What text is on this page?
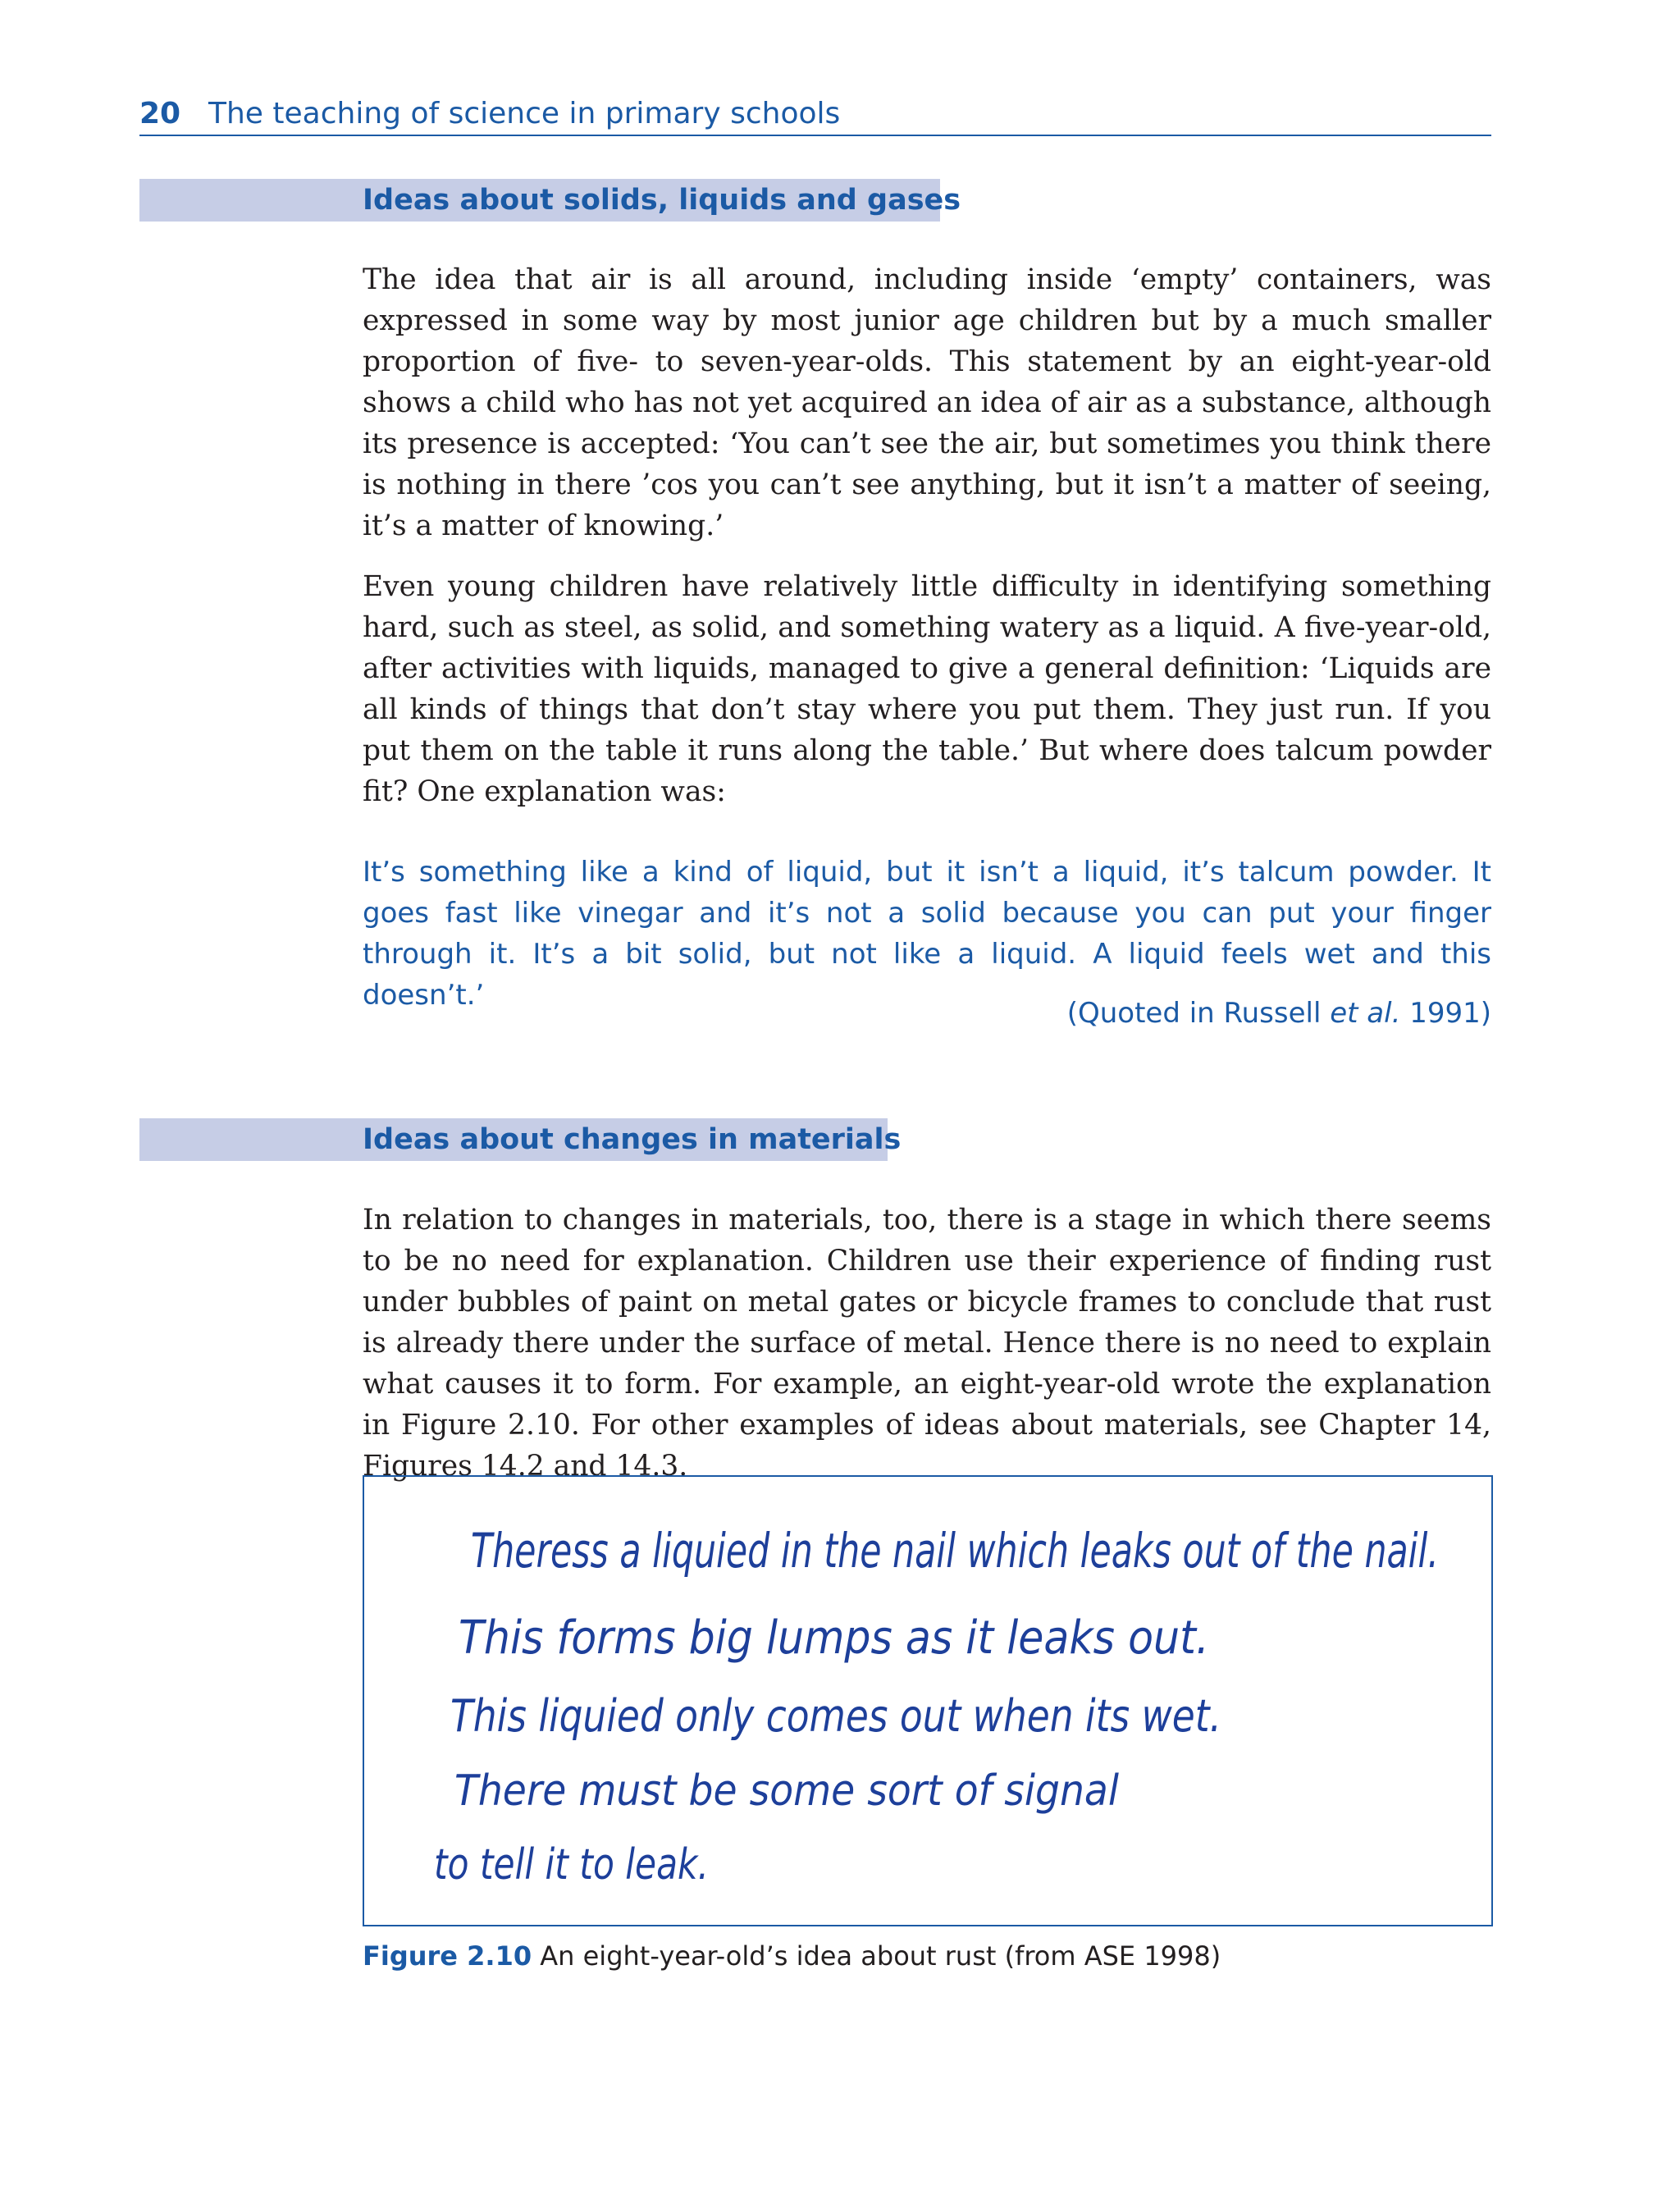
20 The teaching of science in primary schools
Ideas about solids, liquids and gases

The idea that air is all around, including inside ‘empty’ containers, was expressed in some way by most junior age children but by a much smaller proportion of five- to seven-year-olds. This statement by an eight-year-old shows a child who has not yet acquired an idea of air as a substance, although its presence is accepted: ‘You can’t see the air, but sometimes you think there is nothing in there ’cos you can’t see anything, but it isn’t a matter of seeing, it’s a matter of knowing.’

Even young children have relatively little difficulty in identifying something hard, such as steel, as solid, and something watery as a liquid. A five-year-old, after activities with liquids, managed to give a general definition: ‘Liquids are all kinds of things that don’t stay where you put them. They just run. If you put them on the table it runs along the table.’ But where does talcum powder fit? One explanation was:

It’s something like a kind of liquid, but it isn’t a liquid, it’s talcum powder. It goes fast like vinegar and it’s not a solid because you can put your finger through it. It’s a bit solid, but not like a liquid. A liquid feels wet and this doesn’t.’

(Quoted in Russell et al. 1991)
Ideas about changes in materials

In relation to changes in materials, too, there is a stage in which there seems to be no need for explanation. Children use their experience of finding rust under bubbles of paint on metal gates or bicycle frames to conclude that rust is already there under the surface of metal. Hence there is no need to explain what causes it to form. For example, an eight-year-old wrote the explanation in Figure 2.10. For other examples of ideas about materials, see Chapter 14, Figures 14.2 and 14.3.

Theress a liquied in the nail which leaks out of the nail.
This forms big lumps as it leaks out.
This liquied only comes out when its wet.
There must be some sort of signal
to tell it to leak.
Figure 2.10 An eight-year-old’s idea about rust (from ASE 1998)
